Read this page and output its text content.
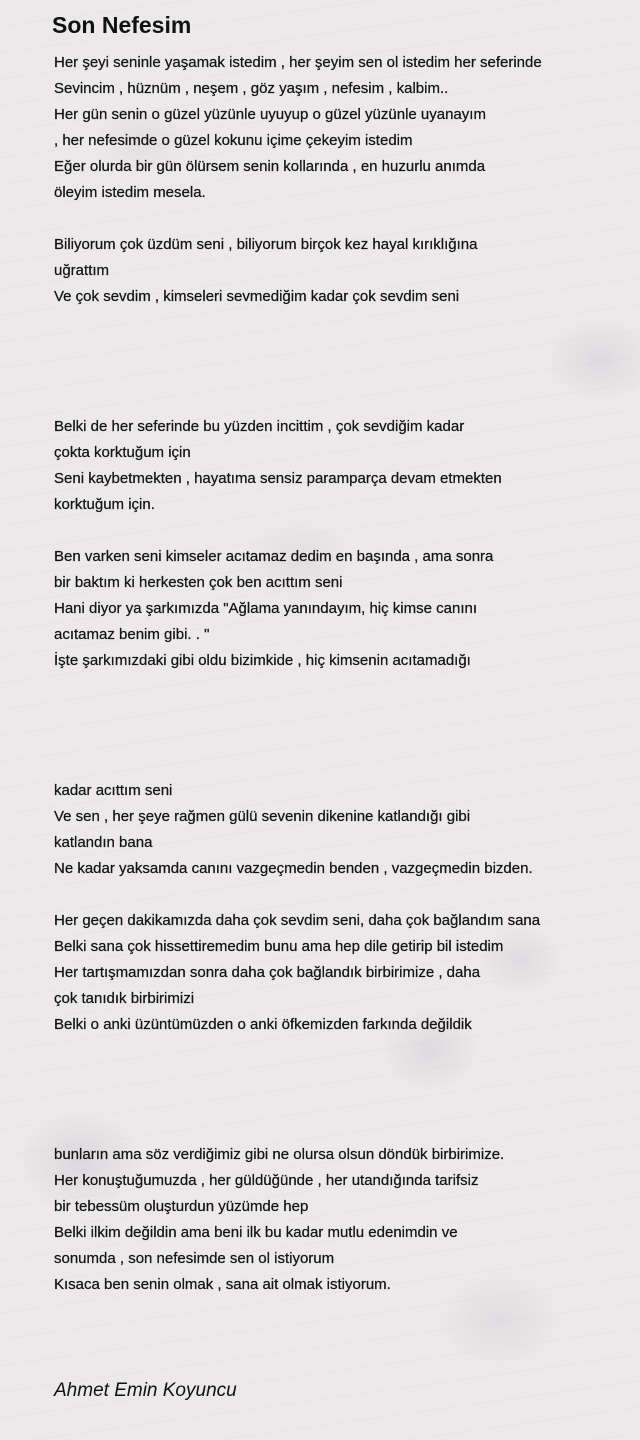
Son Nefesim
Her şeyi seninle yaşamak istedim , her şeyim sen ol istedim her seferinde
Sevincim , hüznüm , neşem , göz yaşım , nefesim , kalbim..
Her gün senin o güzel yüzünle uyuyup o güzel yüzünle uyanayım
, her nefesimde o güzel kokunu içime çekeyim istedim
Eğer olurda bir gün ölürsem senin kollarında , en huzurlu anımda
öleyim istedim mesela.
Biliyorum çok üzdüm seni , biliyorum birçok kez hayal kırıklığına
uğrattım
Ve çok sevdim , kimseleri sevmediğim kadar çok sevdim seni
Belki de her seferinde bu yüzden incittim , çok sevdiğim kadar
çokta korktuğum için
Seni kaybetmekten , hayatıma sensiz paramparça devam etmekten
korktuğum için.
Ben varken seni kimseler acıtamaz dedim en başında , ama sonra
bir baktım ki herkesten çok ben acıttım seni
Hani diyor ya şarkımızda "Ağlama yanındayım, hiç kimse canını
acıtamaz benim gibi. . "
İşte şarkımızdaki gibi oldu bizimkide , hiç kimsenin acıtamadığı
kadar acıttım seni
Ve sen , her şeye rağmen gülü sevenin dikenine katlandığı gibi
katlandın bana
Ne kadar yaksamda canını vazgeçmedin benden , vazgeçmedin bizden.
Her geçen dakikamızda daha çok sevdim seni, daha çok bağlandım sana
Belki sana çok hissettiremedim bunu ama hep dile getirip bil istedim
Her tartışmamızdan sonra daha çok bağlandık birbirimize , daha
çok tanıdık birbirimizi
Belki o anki üzüntümüzden o anki öfkemizden farkında değildik
bunların ama söz verdiğimiz gibi ne olursa olsun döndük birbirimize.
Her konuştuğumuzda , her güldüğünde , her utandığında tarifsiz
bir tebessüm oluşturdun yüzümde hep
Belki ilkim değildin ama beni ilk bu kadar mutlu edenimdin ve
sonumda , son nefesimde sen ol istiyorum
Kısaca ben senin olmak , sana ait olmak istiyorum.
Ahmet Emin Koyuncu
